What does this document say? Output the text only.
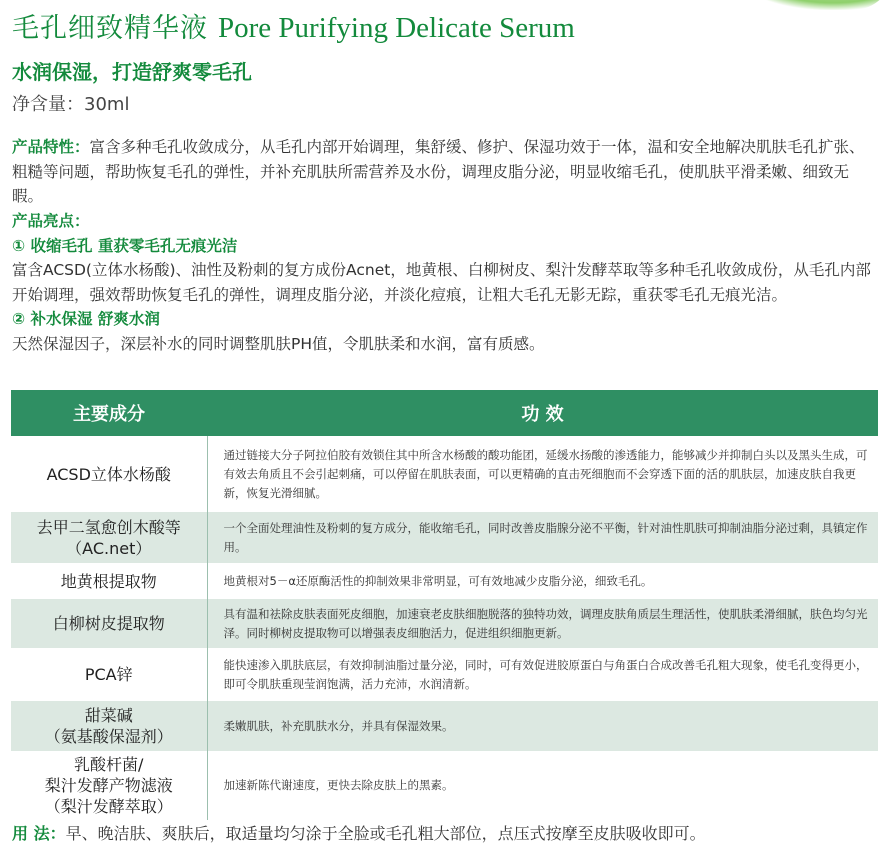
毛孔细致精华液 Pore Purifying Delicate Serum
水润保湿，打造舒爽零毛孔
净含量：30ml
产品特性：富含多种毛孔收敛成分，从毛孔内部开始调理，集舒缓、修护、保湿功效于一体，温和安全地解决肌肤毛孔扩张、粗糙等问题，帮助恢复毛孔的弹性，并补充肌肤所需营养及水份，调理皮脂分泌，明显收缩毛孔，使肌肤平滑柔嫩、细致无暇。
产品亮点：
① 收缩毛孔 重获零毛孔无痕光洁
富含ACSD(立体水杨酸)、油性及粉刺的复方成份Acnet，地黄根、白柳树皮、梨汁发酵萃取等多种毛孔收敛成份，从毛孔内部开始调理，强效帮助恢复毛孔的弹性，调理皮脂分泌，并淡化痘痕，让粗大毛孔无影无踪，重获零毛孔无痕光洁。
② 补水保湿 舒爽水润
天然保湿因子，深层补水的同时调整肌肤PH值，令肌肤柔和水润，富有质感。
主要成分	功 效

ACSD立体水杨酸	通过链接大分子阿拉伯胶有效锁住其中所含水杨酸的酸功能团，延缓水扬酸的渗透能力，能够减少并抑制白头以及黑头生成，可有效去角质且不会引起刺痛，可以停留在肌肤表面，可以更精确的直击死细胞而不会穿透下面的活的肌肤层，加速皮肤自我更新，恢复光滑细腻。

去甲二氢愈创木酸等
（AC.net）	一个全面处理油性及粉刺的复方成分，能收缩毛孔，同时改善皮脂腺分泌不平衡，针对油性肌肤可抑制油脂分泌过剩，具镇定作用。

地黄根提取物	地黄根对5－α还原酶活性的抑制效果非常明显，可有效地减少皮脂分泌，细致毛孔。

白柳树皮提取物	具有温和祛除皮肤表面死皮细胞，加速衰老皮肤细胞脱落的独特功效，调理皮肤角质层生理活性，使肌肤柔滑细腻，肤色均匀光泽。同时柳树皮提取物可以增强表皮细胞活力，促进组织细胞更新。

PCA锌	能快速渗入肌肤底层，有效抑制油脂过量分泌，同时，可有效促进胶原蛋白与角蛋白合成改善毛孔粗大现象，使毛孔变得更小，即可令肌肤重现莹润饱满，活力充沛，水润清新。

甜菜碱
（氨基酸保湿剂）	柔嫩肌肤，补充肌肤水分，并具有保湿效果。

乳酸杆菌/
梨汁发酵产物滤液
（梨汁发酵萃取）	加速新陈代谢速度，更快去除皮肤上的黑素。
用 法：早、晚洁肤、爽肤后，取适量均匀涂于全脸或毛孔粗大部位，点压式按摩至皮肤吸收即可。
